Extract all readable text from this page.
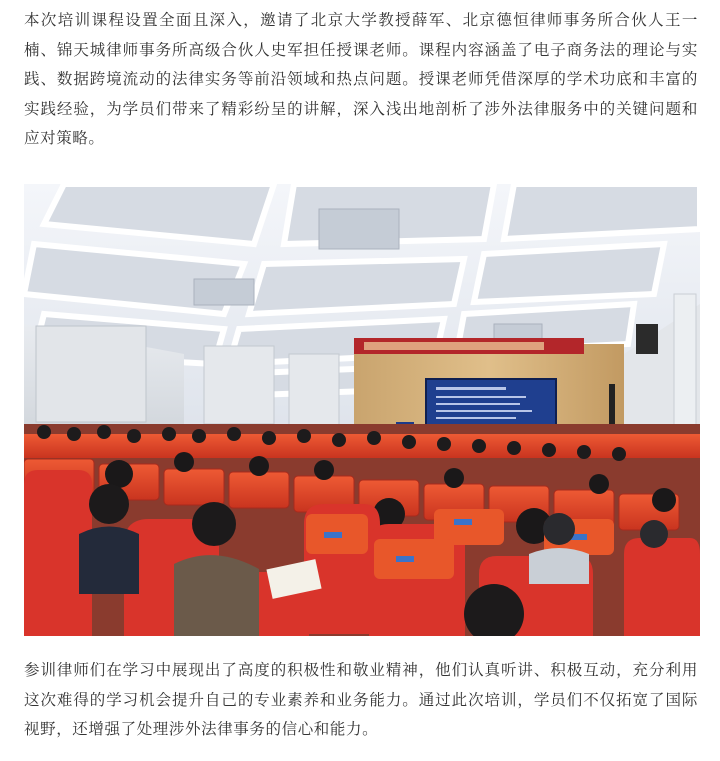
本次培训课程设置全面且深入，邀请了北京大学教授薛军、北京德恒律师事务所合伙人王一楠、锦天城律师事务所高级合伙人史军担任授课老师。课程内容涵盖了电子商务法的理论与实践、数据跨境流动的法律实务等前沿领域和热点问题。授课老师凭借深厚的学术功底和丰富的实践经验，为学员们带来了精彩纷呈的讲解，深入浅出地剖析了涉外法律服务中的关键问题和应对策略。

参训律师们在学习中展现出了高度的积极性和敬业精神，他们认真听讲、积极互动，充分利用这次难得的学习机会提升自己的专业素养和业务能力。通过此次培训，学员们不仅拓宽了国际视野，还增强了处理涉外法律事务的信心和能力。
